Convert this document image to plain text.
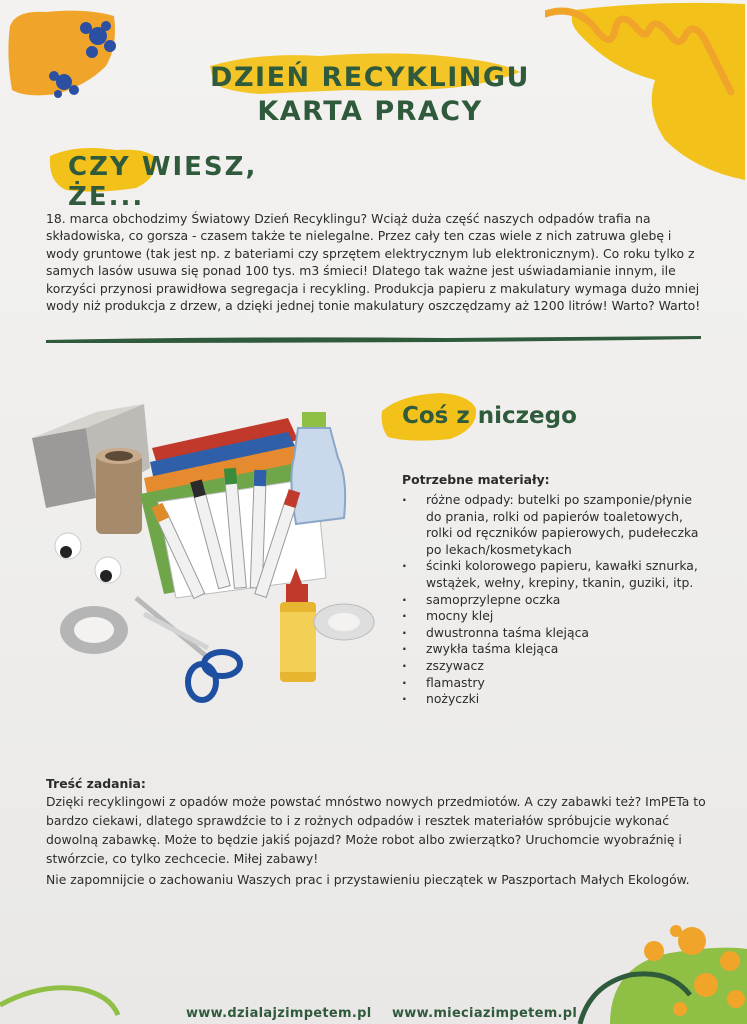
DZIEŃ RECYKLINGU
KARTA PRACY
CZY WIESZ, ŻE...
18. marca obchodzimy Światowy Dzień Recyklingu? Wciąż duża część naszych odpadów trafia na składowiska, co gorsza - czasem także te nielegalne. Przez cały ten czas wiele z nich zatruwa glebę i wody gruntowe (tak jest np. z bateriami czy sprzętem elektrycznym lub elektronicznym). Co roku tylko z samych lasów usuwa się ponad 100 tys. m3 śmieci! Dlatego tak ważne jest uświadamianie innym, ile korzyści przynosi prawidłowa segregacja i recykling. Produkcja papieru z makulatury wymaga dużo mniej wody niż produkcja z drzew, a dzięki jednej tonie makulatury oszczędzamy aż 1200 litrów! Warto? Warto!
Coś z niczego
Potrzebne materiały:
· różne odpady: butelki po szamponie/płynie do prania, rolki od papierów toaletowych, rolki od ręczników papierowych, pudełeczka po lekach/kosmetykach
· ścinki kolorowego papieru, kawałki sznurka, wstążek, wełny, krepiny, tkanin, guziki, itp.
· samoprzylepne oczka
· mocny klej
· dwustronna taśma klejąca
· zwykła taśma klejąca
· zszywacz
· flamastry
· nożyczki
Treść zadania:

Dzięki recyklingowi z opadów może powstać mnóstwo nowych przedmiotów. A czy zabawki też? ImPETa to bardzo ciekawi, dlatego sprawdźcie to i z rożnych odpadów i resztek materiałów spróbujcie wykonać dowolną zabawkę. Może to będzie jakiś pojazd? Może robot albo zwierzątko? Uruchomcie wyobraźnię i stwórzcie, co tylko zechcecie. Miłej zabawy!

Nie zapomnijcie o zachowaniu Waszych prac i przystawieniu pieczątek w Paszportach Małych Ekologów.

www.dzialajzimpetem.pl www.mieciazimpetem.pl
